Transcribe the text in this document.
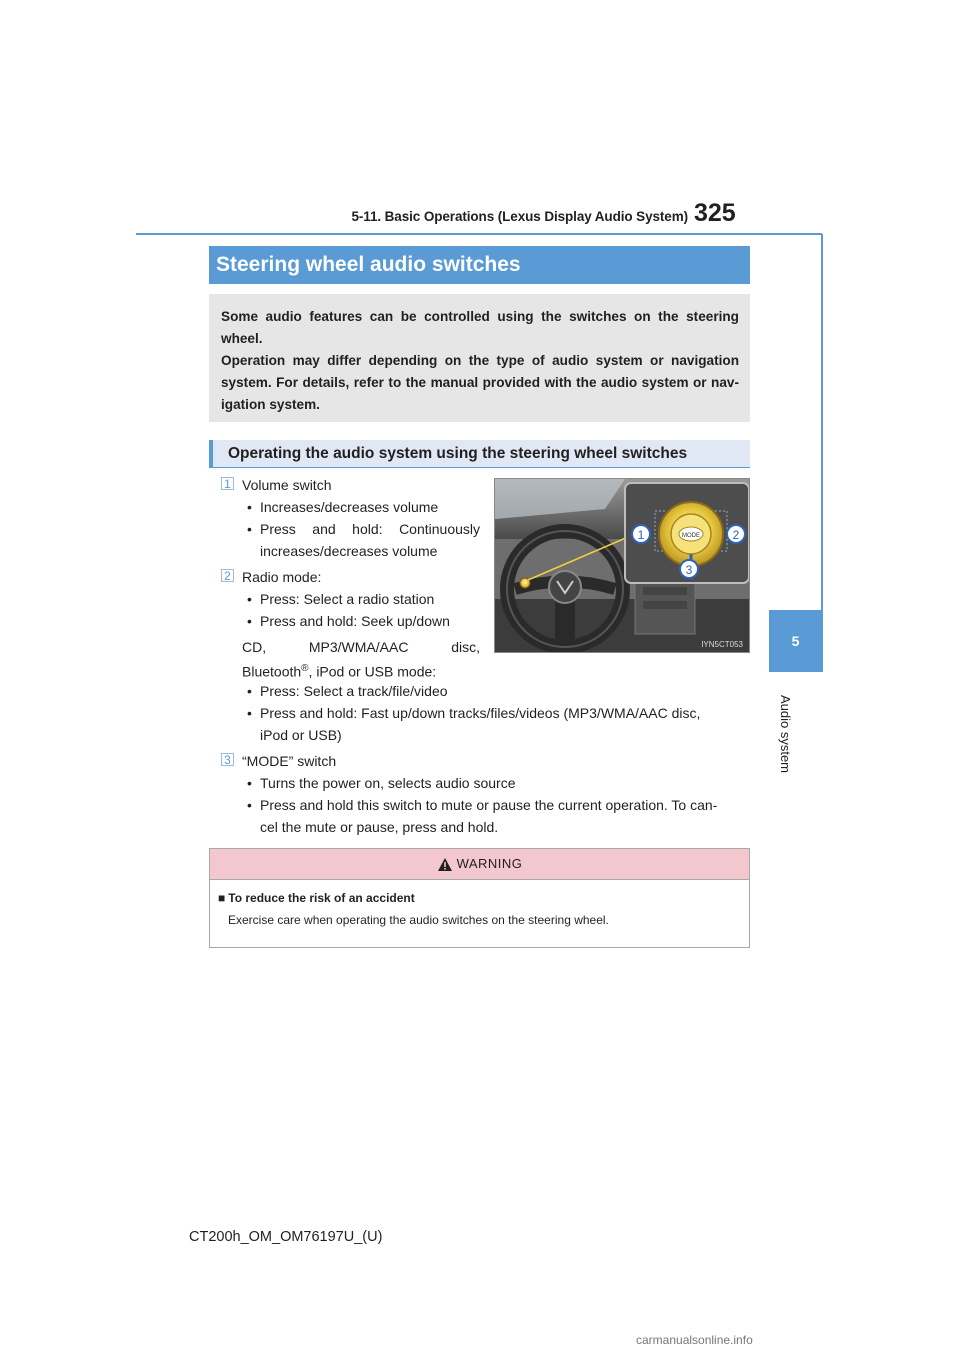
5-11. Basic Operations (Lexus Display Audio System) 325
5
Audio system
Steering wheel audio switches

Some audio features can be controlled using the switches on the steering wheel.

Operation may differ depending on the type of audio system or navigation system. For details, refer to the manual provided with the audio system or nav-igation system.

Operating the audio system using the steering wheel switches
1 Volume switch
• Increases/decreases volume
• Press and hold: Continuously
increases/decreases volume
2 Radio mode:
• Press: Select a radio station
• Press and hold: Seek up/down
CD, MP3/WMA/AAC disc,
Bluetooth®, iPod or USB mode:
• Press: Select a track/file/video
• Press and hold: Fast up/down tracks/files/videos (MP3/WMA/AAC disc,
iPod or USB)
3 “MODE” switch
• Turns the power on, selects audio source
• Press and hold this switch to mute or pause the current operation. To can-
cel the mute or pause, press and hold.
MODE
1	2
3
IYN5CT053
WARNING
■ To reduce the risk of an accident
Exercise care when operating the audio switches on the steering wheel.
CT200h_OM_OM76197U_(U)
carmanualsonline.info
